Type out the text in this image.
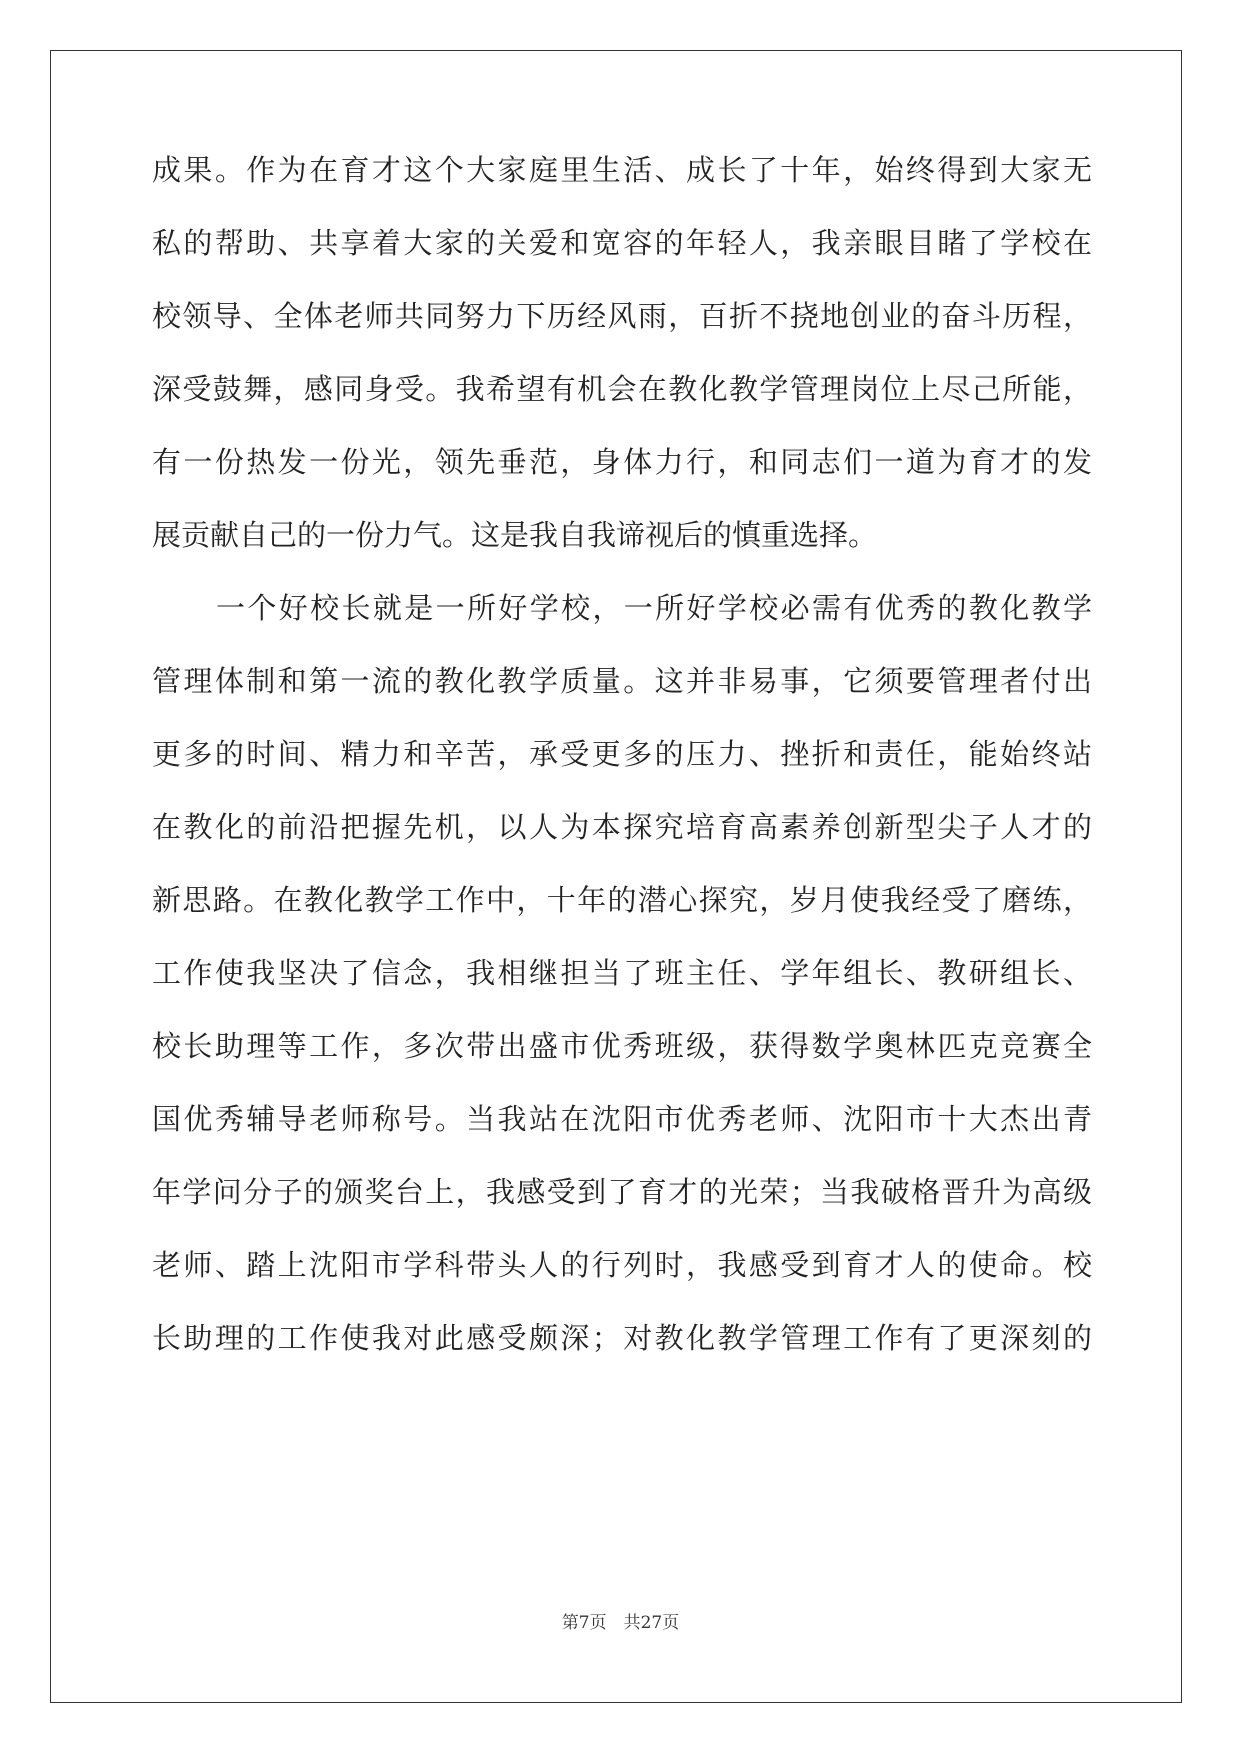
成果。作为在育才这个大家庭里生活、成长了十年，始终得到大家无
私的帮助、共享着大家的关爱和宽容的年轻人，我亲眼目睹了学校在
校领导、全体老师共同努力下历经风雨，百折不挠地创业的奋斗历程，
深受鼓舞，感同身受。我希望有机会在教化教学管理岗位上尽己所能，
有一份热发一份光，领先垂范，身体力行，和同志们一道为育才的发
展贡献自己的一份力气。这是我自我谛视后的慎重选择。
一个好校长就是一所好学校，一所好学校必需有优秀的教化教学
管理体制和第一流的教化教学质量。这并非易事，它须要管理者付出
更多的时间、精力和辛苦，承受更多的压力、挫折和责任，能始终站
在教化的前沿把握先机，以人为本探究培育高素养创新型尖子人才的
新思路。在教化教学工作中，十年的潜心探究，岁月使我经受了磨练，
工作使我坚决了信念，我相继担当了班主任、学年组长、教研组长、
校长助理等工作，多次带出盛市优秀班级，获得数学奥林匹克竞赛全
国优秀辅导老师称号。当我站在沈阳市优秀老师、沈阳市十大杰出青
年学问分子的颁奖台上，我感受到了育才的光荣；当我破格晋升为高级
老师、踏上沈阳市学科带头人的行列时，我感受到育才人的使命。校
长助理的工作使我对此感受颇深；对教化教学管理工作有了更深刻的
第7页　共27页
